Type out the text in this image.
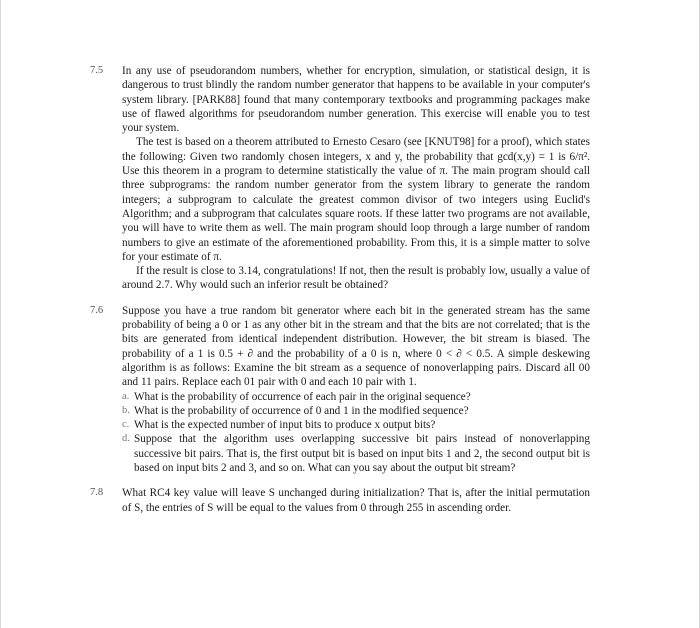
7.5 In any use of pseudorandom numbers, whether for encryption, simulation, or statistical design, it is dangerous to trust blindly the random number generator that happens to be available in your computer's system library. [PARK88] found that many contemporary textbooks and programming packages make use of flawed algorithms for pseudorandom number generation. This exercise will enable you to test your system.

The test is based on a theorem attributed to Ernesto Cesaro (see [KNUT98] for a proof), which states the following: Given two randomly chosen integers, x and y, the probability that gcd(x,y) = 1 is 6/π². Use this theorem in a program to determine statistically the value of π. The main program should call three subprograms: the random number generator from the system library to generate the random integers; a subprogram to calculate the greatest common divisor of two integers using Euclid's Algorithm; and a subprogram that calculates square roots. If these latter two programs are not available, you will have to write them as well. The main program should loop through a large number of random numbers to give an estimate of the aforementioned probability. From this, it is a simple matter to solve for your estimate of π.

If the result is close to 3.14, congratulations! If not, then the result is probably low, usually a value of around 2.7. Why would such an inferior result be obtained?

7.6 Suppose you have a true random bit generator where each bit in the generated stream has the same probability of being a 0 or 1 as any other bit in the stream and that the bits are not correlated; that is the bits are generated from identical independent distribution. However, the bit stream is biased. The probability of a 1 is 0.5 + ∂ and the probability of a 0 is n, where 0 < ∂ < 0.5. A simple deskewing algorithm is as follows: Examine the bit stream as a sequence of nonoverlapping pairs. Discard all 00 and 11 pairs. Replace each 01 pair with 0 and each 10 pair with 1.

a. What is the probability of occurrence of each pair in the original sequence?
b. What is the probability of occurrence of 0 and 1 in the modified sequence?
c. What is the expected number of input bits to produce x output bits?
d. Suppose that the algorithm uses overlapping successive bit pairs instead of nonoverlapping successive bit pairs. That is, the first output bit is based on input bits 1 and 2, the second output bit is based on input bits 2 and 3, and so on. What can you say about the output bit stream?
7.8 What RC4 key value will leave S unchanged during initialization? That is, after the initial permutation of S, the entries of S will be equal to the values from 0 through 255 in ascending order.
